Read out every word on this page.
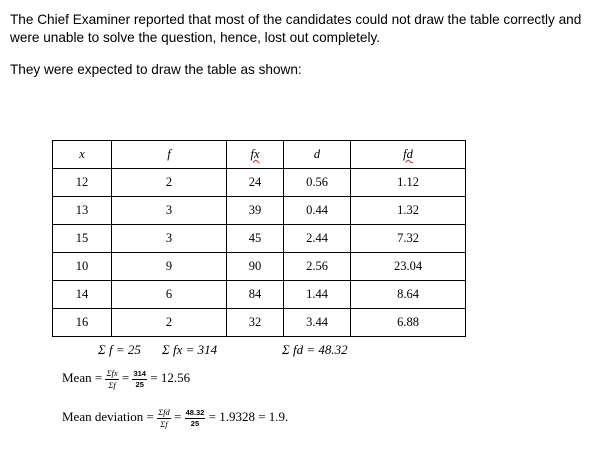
The Chief Examiner reported that most of the candidates could not draw the table correctly and were unable to solve the question, hence, lost out completely.
They were expected to draw the table as shown:
x	f	fx	d	fd
12	2	24	0.56	1.12
13	3	39	0.44	1.32
15	3	45	2.44	7.32
10	9	90	2.56	23.04
14	6	84	1.44	8.64
16	2	32	3.44	6.88
Σ f = 25 Σ fx = 314	Σ fd = 48.32
Mean = $\frac{\text{Σfx}}{\Sigma f} = \frac{314}{25} = 12.56$
Mean deviation = $\frac{\text{Σfd}}{\Sigma f} = \frac{48.32}{25} = 1.9328 = 1.9$.
